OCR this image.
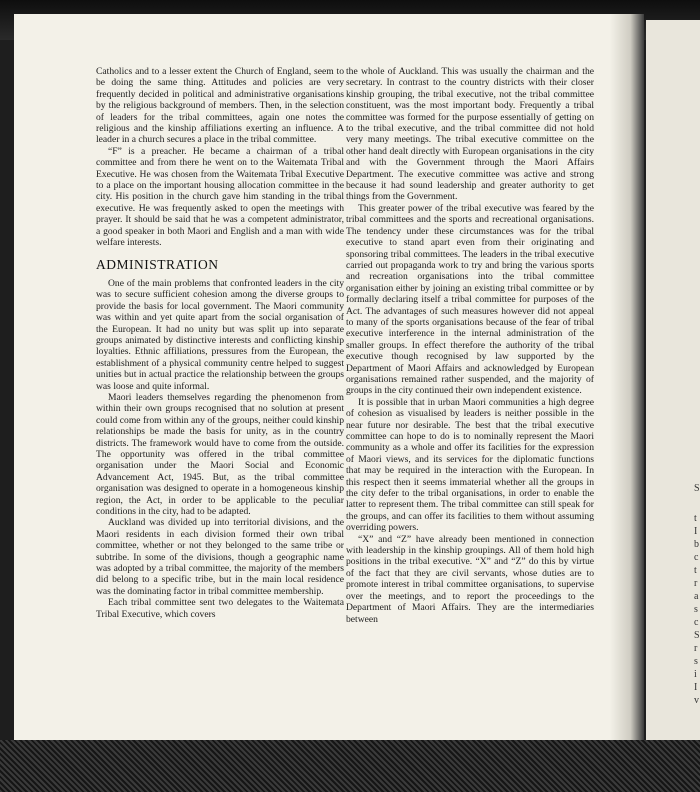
S
t
I
b
c
t
r
a
s
c
S
r
s
i
I
v

Catholics and to a lesser extent the Church of England, seem to be doing the same thing. Attitudes and policies are very frequently decided in political and administrative organisations by the religious background of members. Then, in the selection of leaders for the tribal committees, again one notes the religious and the kinship affiliations exerting an influence. A leader in a church secures a place in the tribal committee.

“F” is a preacher. He became a chairman of a tribal committee and from there he went on to the Waitemata Tribal Executive. He was chosen from the Waitemata Tribal Executive to a place on the important housing allocation committee in the city. His position in the church gave him standing in the tribal executive. He was frequently asked to open the meetings with prayer. It should be said that he was a competent administrator, a good speaker in both Maori and English and a man with wide welfare interests.

ADMINISTRATION

One of the main problems that confronted leaders in the city was to secure sufficient cohesion among the diverse groups to provide the basis for local government. The Maori community was within and yet quite apart from the social organisation of the European. It had no unity but was split up into separate groups animated by distinctive interests and conflicting kinship loyalties. Ethnic affiliations, pressures from the European, the establishment of a physical community centre helped to suggest unities but in actual practice the relationship between the groups was loose and quite informal.

Maori leaders themselves regarding the phenomenon from within their own groups recognised that no solution at present could come from within any of the groups, neither could kinship relationships be made the basis for unity, as in the country districts. The framework would have to come from the outside. The opportunity was offered in the tribal committee organisation under the Maori Social and Economic Advancement Act, 1945. But, as the tribal committee organisation was designed to operate in a homogeneous kinship region, the Act, in order to be applicable to the peculiar conditions in the city, had to be adapted.

Auckland was divided up into territorial divisions, and the Maori residents in each division formed their own tribal committee, whether or not they belonged to the same tribe or subtribe. In some of the divisions, though a geographic name was adopted by a tribal committee, the majority of the members did belong to a specific tribe, but in the main local residence was the dominating factor in tribal committee membership.

Each tribal committee sent two delegates to the Waitemata Tribal Executive, which covers

the whole of Auckland. This was usually the chairman and the secretary. In contrast to the country districts with their closer kinship grouping, the tribal executive, not the tribal committee constituent, was the most important body. Frequently a tribal committee was formed for the purpose essentially of getting on to the tribal executive, and the tribal committee did not hold very many meetings. The tribal executive committee on the other hand dealt directly with European organisations in the city and with the Government through the Maori Affairs Department. The executive committee was active and strong because it had sound leadership and greater authority to get things from the Government.

This greater power of the tribal executive was feared by the tribal committees and the sports and recreational organisations. The tendency under these circumstances was for the tribal executive to stand apart even from their originating and sponsoring tribal committees. The leaders in the tribal executive carried out propaganda work to try and bring the various sports and recreation organisations into the tribal committee organisation either by joining an existing tribal committee or by formally declaring itself a tribal committee for purposes of the Act. The advantages of such measures however did not appeal to many of the sports organisations because of the fear of tribal executive interference in the internal administration of the smaller groups. In effect therefore the authority of the tribal executive though recognised by law supported by the Department of Maori Affairs and acknowledged by European organisations remained rather suspended, and the majority of groups in the city continued their own independent existence.

It is possible that in urban Maori communities a high degree of cohesion as visualised by leaders is neither possible in the near future nor desirable. The best that the tribal executive committee can hope to do is to nominally represent the Maori community as a whole and offer its facilities for the expression of Maori views, and its services for the diplomatic functions that may be required in the interaction with the European. In this respect then it seems immaterial whether all the groups in the city defer to the tribal organisations, in order to enable the latter to represent them. The tribal committee can still speak for the groups, and can offer its facilities to them without assuming overriding powers.

“X” and “Z” have already been mentioned in connection with leadership in the kinship groupings. All of them hold high positions in the tribal executive. “X” and “Z” do this by virtue of the fact that they are civil servants, whose duties are to promote interest in tribal committee organisations, to supervise over the meetings, and to report the proceedings to the Department of Maori Affairs. They are the intermediaries between
